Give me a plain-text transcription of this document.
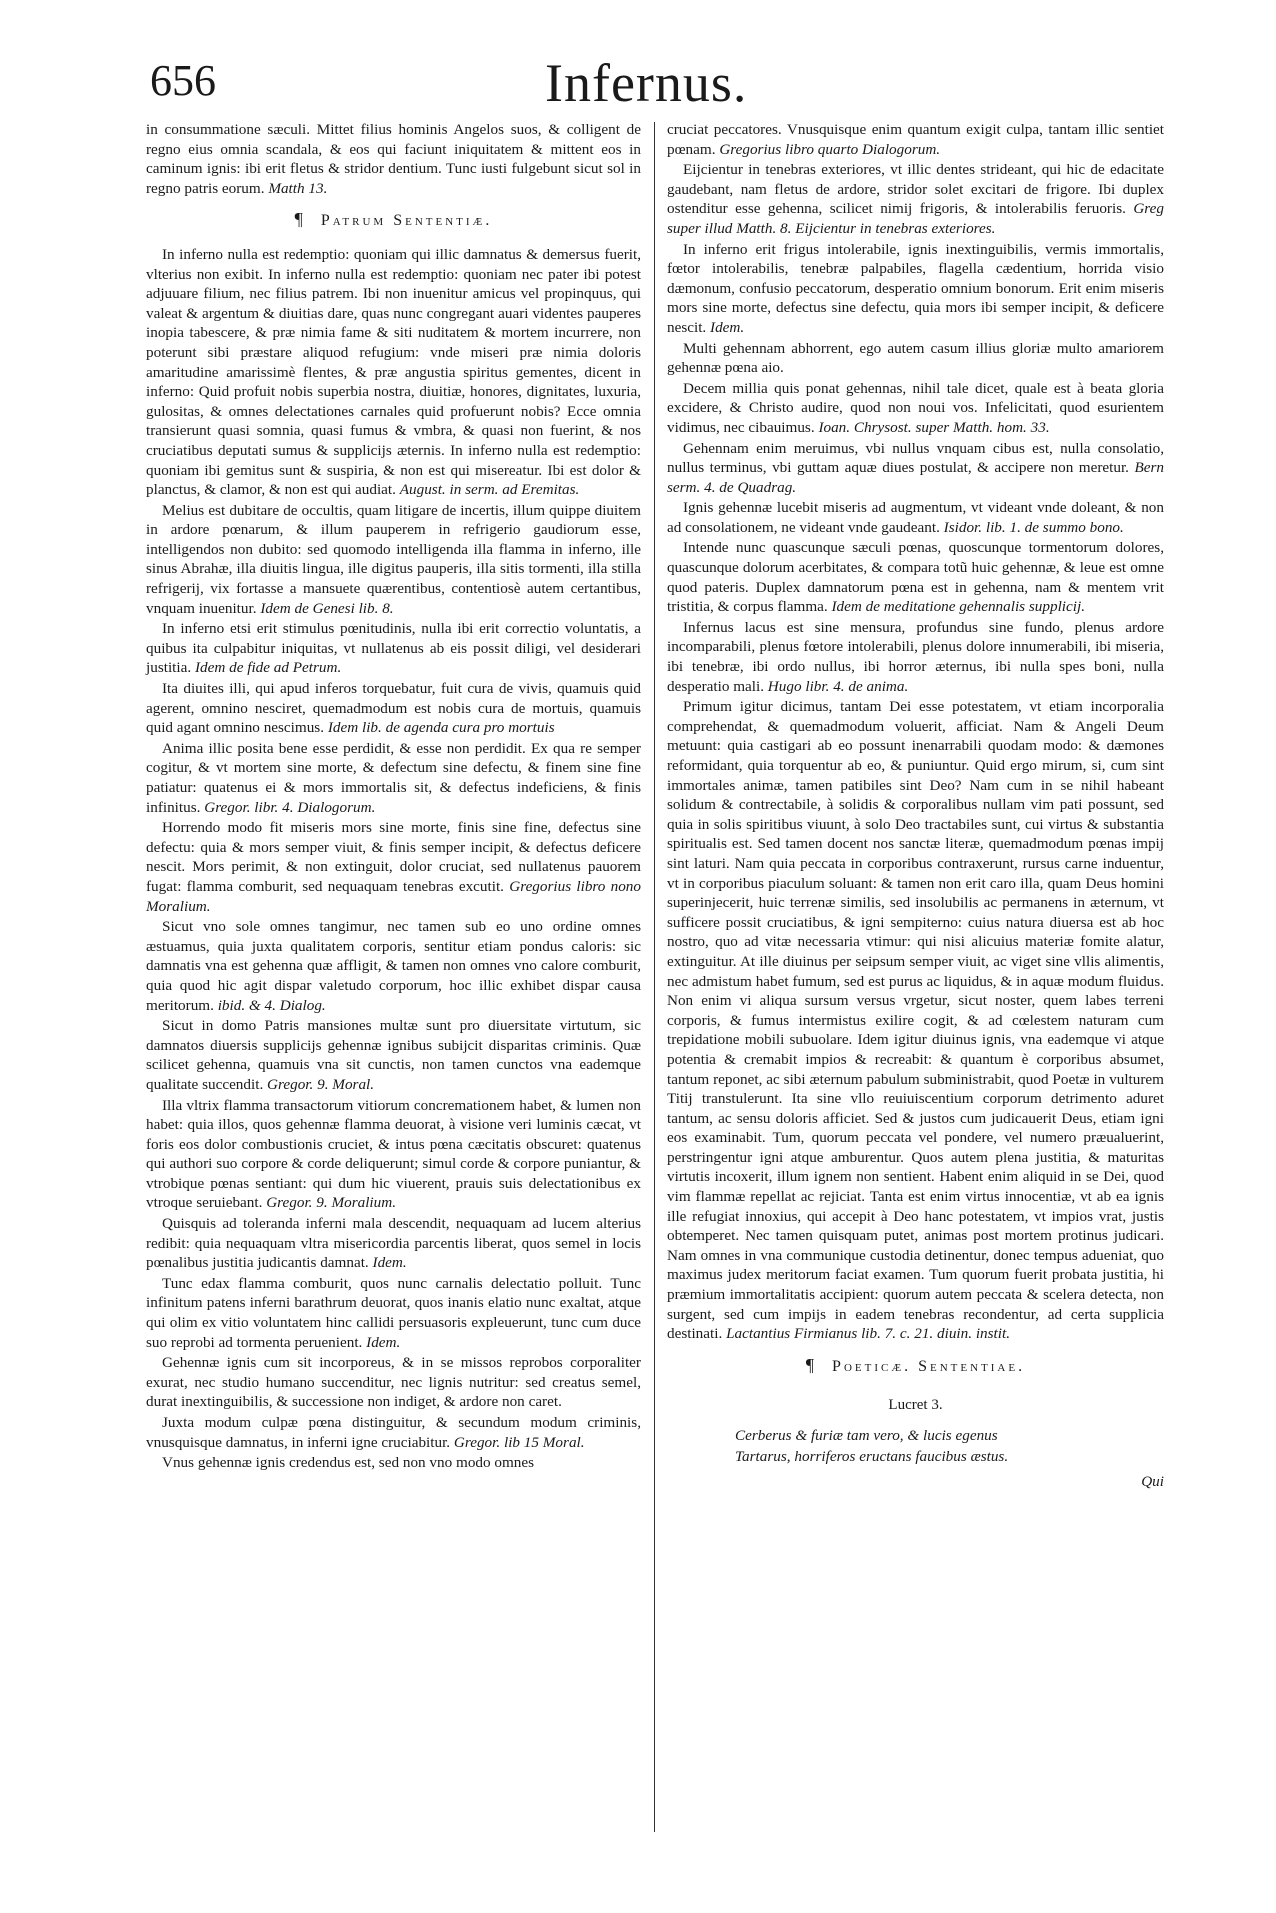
656	Infernus.

in consummatione sæculi. Mittet filius hominis Angelos suos, & colligent de regno eius omnia scandala, & eos qui faciunt iniquitatem & mittent eos in caminum ignis: ibi erit fletus & stridor dentium. Tunc iusti fulgebunt sicut sol in regno patris eorum. Matth 13.

¶ Patrum Sententiæ.

In inferno nulla est redemptio: quoniam qui illic damnatus & demersus fuerit, vlterius non exibit. In inferno nulla est redemptio: quoniam nec pater ibi potest adjuuare filium, nec filius patrem. Ibi non inuenitur amicus vel propinquus, qui valeat & argentum & diuitias dare, quas nunc congregant auari videntes pauperes inopia tabescere, & præ nimia fame & siti nuditatem & mortem incurrere, non poterunt sibi præstare aliquod refugium: vnde miseri præ nimia doloris amaritudine amarissimè flentes, & præ angustia spiritus gementes, dicent in inferno: Quid profuit nobis superbia nostra, diuitiæ, honores, dignitates, luxuria, gulositas, & omnes delectationes carnales quid profuerunt nobis? Ecce omnia transierunt quasi somnia, quasi fumus & vmbra, & quasi non fuerint, & nos cruciatibus deputati sumus & supplicijs æternis. In inferno nulla est redemptio: quoniam ibi gemitus sunt & suspiria, & non est qui misereatur. Ibi est dolor & planctus, & clamor, & non est qui audiat. August. in serm. ad Eremitas.

Melius est dubitare de occultis, quam litigare de incertis, illum quippe diuitem in ardore pœnarum, & illum pauperem in refrigerio gaudiorum esse, intelligendos non dubito: sed quomodo intelligenda illa flamma in inferno, ille sinus Abrahæ, illa diuitis lingua, ille digitus pauperis, illa sitis tormenti, illa stilla refrigerij, vix fortasse a mansuete quærentibus, contentiosè autem certantibus, vnquam inuenitur. Idem de Genesi lib. 8.

In inferno etsi erit stimulus pœnitudinis, nulla ibi erit correctio voluntatis, a quibus ita culpabitur iniquitas, vt nullatenus ab eis possit diligi, vel desiderari justitia. Idem de fide ad Petrum.

Ita diuites illi, qui apud inferos torquebatur, fuit cura de vivis, quamuis quid agerent, omnino nesciret, quemadmodum est nobis cura de mortuis, quamuis quid agant omnino nescimus. Idem lib. de agenda cura pro mortuis

Anima illic posita bene esse perdidit, & esse non perdidit. Ex qua re semper cogitur, & vt mortem sine morte, & defectum sine defectu, & finem sine fine patiatur: quatenus ei & mors immortalis sit, & defectus indeficiens, & finis infinitus. Gregor. libr. 4. Dialogorum.

Horrendo modo fit miseris mors sine morte, finis sine fine, defectus sine defectu: quia & mors semper viuit, & finis semper incipit, & defectus deficere nescit. Mors perimit, & non extinguit, dolor cruciat, sed nullatenus pauorem fugat: flamma comburit, sed nequaquam tenebras excutit. Gregorius libro nono Moralium.

Sicut vno sole omnes tangimur, nec tamen sub eo uno ordine omnes æstuamus, quia juxta qualitatem corporis, sentitur etiam pondus caloris: sic damnatis vna est gehenna quæ affligit, & tamen non omnes vno calore comburit, quia quod hic agit dispar valetudo corporum, hoc illic exhibet dispar causa meritorum. ibid. & 4. Dialog.

Sicut in domo Patris mansiones multæ sunt pro diuersitate virtutum, sic damnatos diuersis supplicijs gehennæ ignibus subijcit disparitas criminis. Quæ scilicet gehenna, quamuis vna sit cunctis, non tamen cunctos vna eademque qualitate succendit. Gregor. 9. Moral.

Illa vltrix flamma transactorum vitiorum concremationem habet, & lumen non habet: quia illos, quos gehennæ flamma deuorat, à visione veri luminis cæcat, vt foris eos dolor combustionis cruciet, & intus pœna cæcitatis obscuret: quatenus qui authori suo corpore & corde deliquerunt; simul corde & corpore puniantur, & vtrobique pœnas sentiant: qui dum hic viuerent, prauis suis delectationibus ex vtroque seruiebant. Gregor. 9. Moralium.

Quisquis ad toleranda inferni mala descendit, nequaquam ad lucem alterius redibit: quia nequaquam vltra misericordia parcentis liberat, quos semel in locis pœnalibus justitia judicantis damnat. Idem.

Tunc edax flamma comburit, quos nunc carnalis delectatio polluit. Tunc infinitum patens inferni barathrum deuorat, quos inanis elatio nunc exaltat, atque qui olim ex vitio voluntatem hinc callidi persuasoris expleuerunt, tunc cum duce suo reprobi ad tormenta peruenient. Idem.

Gehennæ ignis cum sit incorporeus, & in se missos reprobos corporaliter exurat, nec studio humano succenditur, nec lignis nutritur: sed creatus semel, durat inextinguibilis, & successione non indiget, & ardore non caret.

Juxta modum culpæ pœna distinguitur, & secundum modum criminis, vnusquisque damnatus, in inferni igne cruciabitur. Gregor. lib 15 Moral.

Vnus gehennæ ignis credendus est, sed non vno modo omnes

cruciat peccatores. Vnusquisque enim quantum exigit culpa, tantam illic sentiet pœnam. Gregorius libro quarto Dialogorum.

Eijcientur in tenebras exteriores, vt illic dentes strideant, qui hic de edacitate gaudebant, nam fletus de ardore, stridor solet excitari de frigore. Ibi duplex ostenditur esse gehenna, scilicet nimij frigoris, & intolerabilis feruoris. Greg super illud Matth. 8. Eijcientur in tenebras exteriores.

In inferno erit frigus intolerabile, ignis inextinguibilis, vermis immortalis, fœtor intolerabilis, tenebræ palpabiles, flagella cædentium, horrida visio dæmonum, confusio peccatorum, desperatio omnium bonorum. Erit enim miseris mors sine morte, defectus sine defectu, quia mors ibi semper incipit, & deficere nescit. Idem.

Multi gehennam abhorrent, ego autem casum illius gloriæ multo amariorem gehennæ pœna aio.

Decem millia quis ponat gehennas, nihil tale dicet, quale est à beata gloria excidere, & Christo audire, quod non noui vos. Infelicitati, quod esurientem vidimus, nec cibauimus. Ioan. Chrysost. super Matth. hom. 33.

Gehennam enim meruimus, vbi nullus vnquam cibus est, nulla consolatio, nullus terminus, vbi guttam aquæ diues postulat, & accipere non meretur. Bern serm. 4. de Quadrag.

Ignis gehennæ lucebit miseris ad augmentum, vt videant vnde doleant, & non ad consolationem, ne videant vnde gaudeant. Isidor. lib. 1. de summo bono.

Intende nunc quascunque sæculi pœnas, quoscunque tormentorum dolores, quascunque dolorum acerbitates, & compara totũ huic gehennæ, & leue est omne quod pateris. Duplex damnatorum pœna est in gehenna, nam & mentem vrit tristitia, & corpus flamma. Idem de meditatione gehennalis supplicij.

Infernus lacus est sine mensura, profundus sine fundo, plenus ardore incomparabili, plenus fœtore intolerabili, plenus dolore innumerabili, ibi miseria, ibi tenebræ, ibi ordo nullus, ibi horror æternus, ibi nulla spes boni, nulla desperatio mali. Hugo libr. 4. de anima.

Primum igitur dicimus, tantam Dei esse potestatem, vt etiam incorporalia comprehendat, & quemadmodum voluerit, afficiat. Nam & Angeli Deum metuunt: quia castigari ab eo possunt inenarrabili quodam modo: & dæmones reformidant, quia torquentur ab eo, & puniuntur. Quid ergo mirum, si, cum sint immortales animæ, tamen patibiles sint Deo? Nam cum in se nihil habeant solidum & contrectabile, à solidis & corporalibus nullam vim pati possunt, sed quia in solis spiritibus viuunt, à solo Deo tractabiles sunt, cui virtus & substantia spiritualis est. Sed tamen docent nos sanctæ literæ, quemadmodum pœnas impij sint laturi. Nam quia peccata in corporibus contraxerunt, rursus carne induentur, vt in corporibus piaculum soluant: & tamen non erit caro illa, quam Deus homini superinjecerit, huic terrenæ similis, sed insolubilis ac permanens in æternum, vt sufficere possit cruciatibus, & igni sempiterno: cuius natura diuersa est ab hoc nostro, quo ad vitæ necessaria vtimur: qui nisi alicuius materiæ fomite alatur, extinguitur. At ille diuinus per seipsum semper viuit, ac viget sine vllis alimentis, nec admistum habet fumum, sed est purus ac liquidus, & in aquæ modum fluidus. Non enim vi aliqua sursum versus vrgetur, sicut noster, quem labes terreni corporis, & fumus intermistus exilire cogit, & ad cœlestem naturam cum trepidatione mobili subuolare. Idem igitur diuinus ignis, vna eademque vi atque potentia & cremabit impios & recreabit: & quantum è corporibus absumet, tantum reponet, ac sibi æternum pabulum subministrabit, quod Poetæ in vulturem Titij transtulerunt. Ita sine vllo reuiuiscentium corporum detrimento aduret tantum, ac sensu doloris afficiet. Sed & justos cum judicauerit Deus, etiam igni eos examinabit. Tum, quorum peccata vel pondere, vel numero præualuerint, perstringentur igni atque amburentur. Quos autem plena justitia, & maturitas virtutis incoxerit, illum ignem non sentient. Habent enim aliquid in se Dei, quod vim flammæ repellat ac rejiciat. Tanta est enim virtus innocentiæ, vt ab ea ignis ille refugiat innoxius, qui accepit à Deo hanc potestatem, vt impios vrat, justis obtemperet. Nec tamen quisquam putet, animas post mortem protinus judicari. Nam omnes in vna communique custodia detinentur, donec tempus adueniat, quo maximus judex meritorum faciat examen. Tum quorum fuerit probata justitia, hi præmium immortalitatis accipient: quorum autem peccata & scelera detecta, non surgent, sed cum impijs in eadem tenebras recondentur, ad certa supplicia destinati. Lactantius Firmianus lib. 7. c. 21. diuin. instit.

¶ Poeticæ. Sententiae.
Lucret 3.

Cerberus & furiæ tam vero, & lucis egenus

Tartarus, horriferos eructans faucibus æstus.

Qui
